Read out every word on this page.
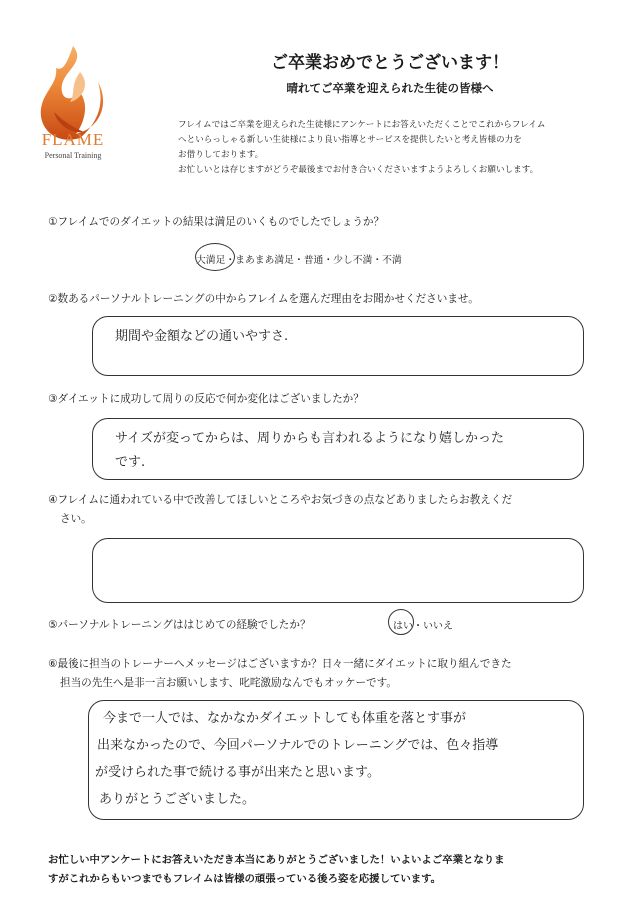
FLAME
Personal Training
ご卒業おめでとうございます！
晴れてご卒業を迎えられた生徒の皆様へ
フレイムではご卒業を迎えられた生徒様にアンケートにお答えいただくことでこれからフレイム
へといらっしゃる新しい生徒様により良い指導とサービスを提供したいと考え皆様の力を
お借りしております。
お忙しいとは存じますがどうぞ最後までお付き合いくださいますようよろしくお願いします。
①フレイムでのダイエットの結果は満足のいくものでしたでしょうか？
大満足・まあまあ満足・普通・少し不満・不満
②数あるパーソナルトレーニングの中からフレイムを選んだ理由をお聞かせくださいませ。
期間や金額などの通いやすさ.
③ダイエットに成功して周りの反応で何か変化はございましたか？
サイズが変ってからは、周りからも言われるようになり嬉しかった
です.
④フレイムに通われている中で改善してほしいところやお気づきの点などありましたらお教えくだ
さい。
⑤パーソナルトレーニングははじめての経験でしたか？	はい・いいえ
⑥最後に担当のトレーナーへメッセージはございますか？日々一緒にダイエットに取り組んできた
担当の先生へ是非一言お願いします、叱咤激励なんでもオッケーです。
今まで一人では、なかなかダイエットしても体重を落とす事が
出来なかったので、今回パーソナルでのトレーニングでは、色々指導
が受けられた事で続ける事が出来たと思います。
ありがとうございました。
お忙しい中アンケートにお答えいただき本当にありがとうございました！いよいよご卒業となりま
すがこれからもいつまでもフレイムは皆様の頑張っている後ろ姿を応援しています。
